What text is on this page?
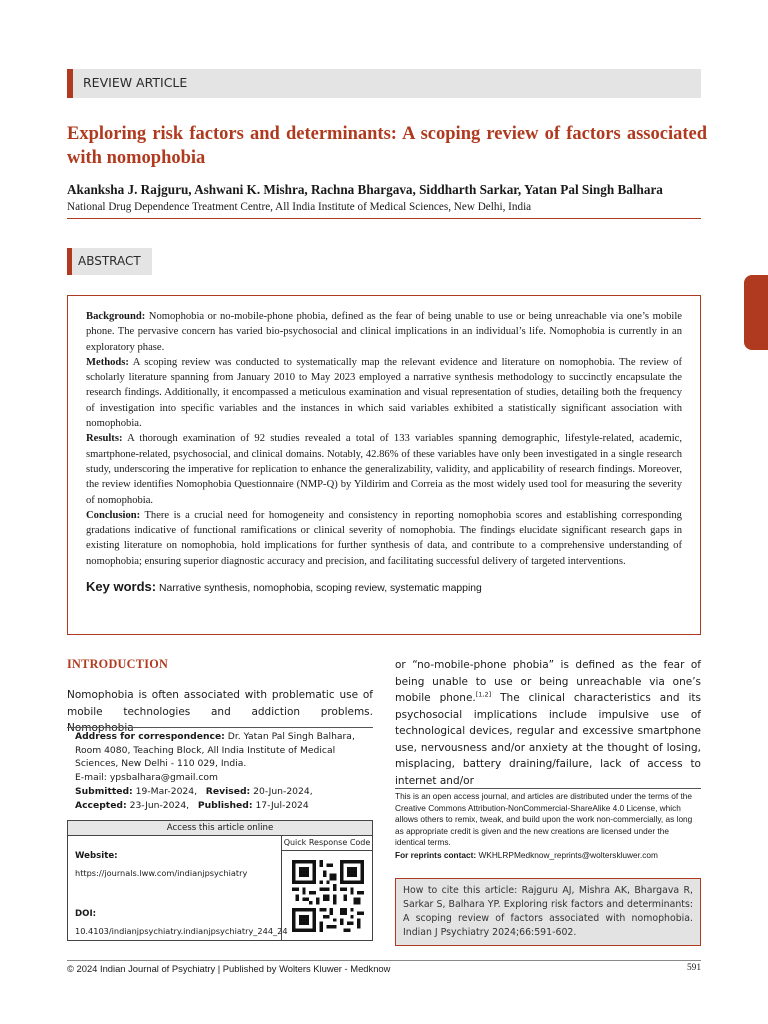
REVIEW ARTICLE
Exploring risk factors and determinants: A scoping review of factors associated with nomophobia
Akanksha J. Rajguru, Ashwani K. Mishra, Rachna Bhargava, Siddharth Sarkar, Yatan Pal Singh Balhara
National Drug Dependence Treatment Centre, All India Institute of Medical Sciences, New Delhi, India
ABSTRACT

Background: Nomophobia or no-mobile-phone phobia, defined as the fear of being unable to use or being unreachable via one’s mobile phone. The pervasive concern has varied bio-psychosocial and clinical implications in an individual’s life. Nomophobia is currently in an exploratory phase.

Methods: A scoping review was conducted to systematically map the relevant evidence and literature on nomophobia. The review of scholarly literature spanning from January 2010 to May 2023 employed a narrative synthesis methodology to succinctly encapsulate the research findings. Additionally, it encompassed a meticulous examination and visual representation of studies, detailing both the frequency of investigation into specific variables and the instances in which said variables exhibited a statistically significant association with nomophobia.

Results: A thorough examination of 92 studies revealed a total of 133 variables spanning demographic, lifestyle-related, academic, smartphone-related, psychosocial, and clinical domains. Notably, 42.86% of these variables have only been investigated in a single research study, underscoring the imperative for replication to enhance the generalizability, validity, and applicability of research findings. Moreover, the review identifies Nomophobia Questionnaire (NMP-Q) by Yildirim and Correia as the most widely used tool for measuring the severity of nomophobia.

Conclusion: There is a crucial need for homogeneity and consistency in reporting nomophobia scores and establishing corresponding gradations indicative of functional ramifications or clinical severity of nomophobia. The findings elucidate significant research gaps in existing literature on nomophobia, hold implications for further synthesis of data, and contribute to a comprehensive understanding of nomophobia; ensuring superior diagnostic accuracy and precision, and facilitating successful delivery of targeted interventions.

Key words: Narrative synthesis, nomophobia, scoping review, systematic mapping

INTRODUCTION
Nomophobia is often associated with problematic use of mobile technologies and addiction problems. Nomophobia
or “no-mobile-phone phobia” is defined as the fear of being unable to use or being unreachable via one’s mobile phone.[1,2] The clinical characteristics and its psychosocial implications include impulsive use of technological devices, regular and excessive smartphone use, nervousness and/or anxiety at the thought of losing, misplacing, battery draining/failure, lack of access to internet and/or
Address for correspondence: Dr. Yatan Pal Singh Balhara,
Room 4080, Teaching Block, All India Institute of Medical
Sciences, New Delhi - 110 029, India.
E-mail: ypsbalhara@gmail.com
Submitted: 19-Mar-2024, Revised: 20-Jun-2024,
Accepted: 23-Jun-2024, Published: 17-Jul-2024
Access this article online
Website:
https://journals.lww.com/indianjpsychiatry
DOI:
10.4103/indianjpsychiatry.indianjpsychiatry_244_24
Quick Response Code
This is an open access journal, and articles are distributed under the terms of the Creative Commons Attribution-NonCommercial-ShareAlike 4.0 License, which allows others to remix, tweak, and build upon the work non-commercially, as long as appropriate credit is given and the new creations are licensed under the identical terms.
For reprints contact: WKHLRPMedknow_reprints@wolterskluwer.com
How to cite this article: Rajguru AJ, Mishra AK, Bhargava R, Sarkar S, Balhara YP. Exploring risk factors and determinants: A scoping review of factors associated with nomophobia. Indian J Psychiatry 2024;66:591-602.
© 2024 Indian Journal of Psychiatry | Published by Wolters Kluwer - Medknow	591
